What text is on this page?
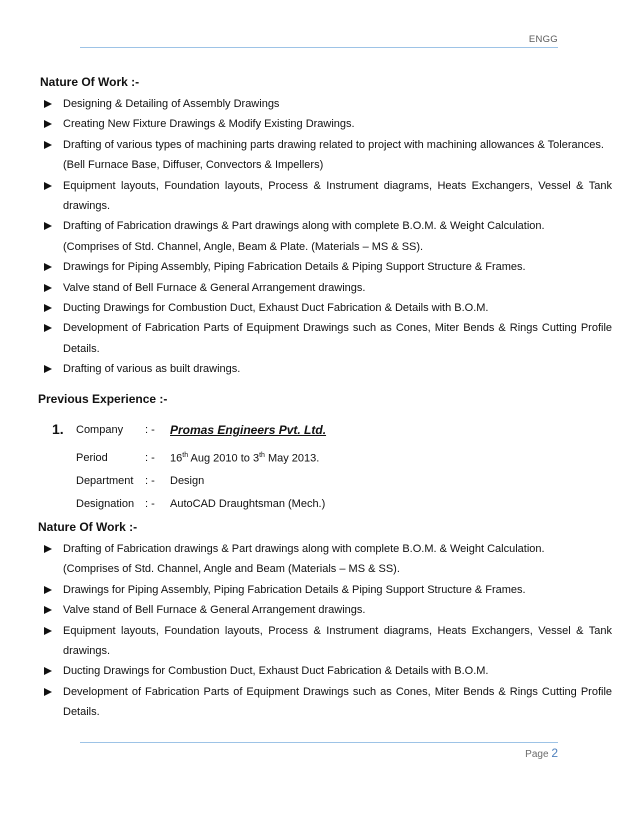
ENGG
Nature Of Work :-
Designing & Detailing of Assembly Drawings
Creating New Fixture Drawings & Modify Existing Drawings.
Drafting of various types of machining parts drawing related to project with machining allowances & Tolerances.
(Bell Furnace Base, Diffuser, Convectors & Impellers)
Equipment layouts, Foundation layouts, Process & Instrument diagrams, Heats Exchangers, Vessel & Tank drawings.
Drafting of Fabrication drawings & Part drawings along with complete B.O.M. & Weight Calculation.
(Comprises of Std. Channel, Angle, Beam & Plate. (Materials – MS & SS).
Drawings for Piping Assembly, Piping Fabrication Details & Piping Support Structure & Frames.
Valve stand of Bell Furnace & General Arrangement drawings.
Ducting Drawings for Combustion Duct, Exhaust Duct Fabrication & Details with B.O.M.
Development of Fabrication Parts of Equipment Drawings such as Cones, Miter Bends & Rings Cutting Profile Details.
Drafting of various as built drawings.
Previous Experience :-
1. Company : - Promas Engineers Pvt. Ltd.
Period	: - 16th Aug 2010 to 3th May 2013.
Department : - Design
Designation : - AutoCAD Draughtsman (Mech.)
Nature Of Work :-
Drafting of Fabrication drawings & Part drawings along with complete B.O.M. & Weight Calculation.
(Comprises of Std. Channel, Angle and Beam (Materials – MS & SS).
Drawings for Piping Assembly, Piping Fabrication Details & Piping Support Structure & Frames.
Valve stand of Bell Furnace & General Arrangement drawings.
Equipment layouts, Foundation layouts, Process & Instrument diagrams, Heats Exchangers, Vessel & Tank drawings.
Ducting Drawings for Combustion Duct, Exhaust Duct Fabrication & Details with B.O.M.
Development of Fabrication Parts of Equipment Drawings such as Cones, Miter Bends & Rings Cutting Profile Details.
Page 2
